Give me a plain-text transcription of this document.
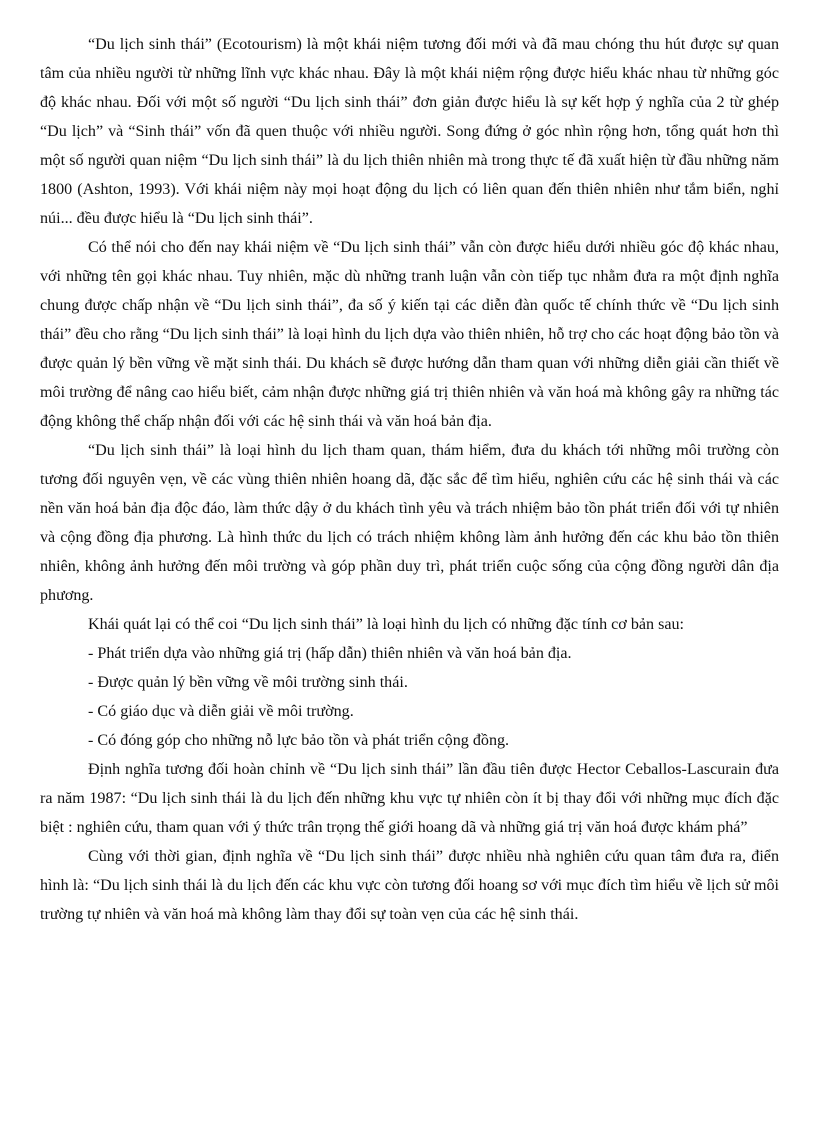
“Du lịch sinh thái” (Ecotourism) là một khái niệm tương đối mới và đã mau chóng thu hút được sự quan tâm của nhiều người từ những lĩnh vực khác nhau. Đây là một khái niệm rộng được hiểu khác nhau từ những góc độ khác nhau. Đối với một số người “Du lịch sinh thái” đơn giản được hiểu là sự kết hợp ý nghĩa của 2 từ ghép “Du lịch” và “Sinh thái” vốn đã quen thuộc với nhiều người. Song đứng ở góc nhìn rộng hơn, tổng quát hơn thì một số người quan niệm “Du lịch sinh thái” là du lịch thiên nhiên mà trong thực tế đã xuất hiện từ đầu những năm 1800 (Ashton, 1993). Với khái niệm này mọi hoạt động du lịch có liên quan đến thiên nhiên như tắm biển, nghỉ núi... đều được hiểu là “Du lịch sinh thái”.

Có thể nói cho đến nay khái niệm về “Du lịch sinh thái” vẫn còn được hiểu dưới nhiều góc độ khác nhau, với những tên gọi khác nhau. Tuy nhiên, mặc dù những tranh luận vẫn còn tiếp tục nhằm đưa ra một định nghĩa chung được chấp nhận về “Du lịch sinh thái”, đa số ý kiến tại các diễn đàn quốc tế chính thức về “Du lịch sinh thái” đều cho rằng “Du lịch sinh thái” là loại hình du lịch dựa vào thiên nhiên, hỗ trợ cho các hoạt động bảo tồn và được quản lý bền vững về mặt sinh thái. Du khách sẽ được hướng dẫn tham quan với những diễn giải cần thiết về môi trường để nâng cao hiểu biết, cảm nhận được những giá trị thiên nhiên và văn hoá mà không gây ra những tác động không thể chấp nhận đối với các hệ sinh thái và văn hoá bản địa.

“Du lịch sinh thái” là loại hình du lịch tham quan, thám hiểm, đưa du khách tới những môi trường còn tương đối nguyên vẹn, về các vùng thiên nhiên hoang dã, đặc sắc để tìm hiểu, nghiên cứu các hệ sinh thái và các nền văn hoá bản địa độc đáo, làm thức dậy ở du khách tình yêu và trách nhiệm bảo tồn phát triển đối với tự nhiên và cộng đồng địa phương. Là hình thức du lịch có trách nhiệm không làm ảnh hưởng đến các khu bảo tồn thiên nhiên, không ảnh hưởng đến môi trường và góp phần duy trì, phát triển cuộc sống của cộng đồng người dân địa phương.

Khái quát lại có thể coi “Du lịch sinh thái” là loại hình du lịch có những đặc tính cơ bản sau:

- Phát triển dựa vào những giá trị (hấp dẫn) thiên nhiên và văn hoá bản địa.

- Được quản lý bền vững về môi trường sinh thái.

- Có giáo dục và diễn giải về môi trường.

- Có đóng góp cho những nỗ lực bảo tồn và phát triển cộng đồng.

Định nghĩa tương đối hoàn chỉnh về “Du lịch sinh thái” lần đầu tiên được Hector Ceballos-Lascurain đưa ra năm 1987: “Du lịch sinh thái là du lịch đến những khu vực tự nhiên còn ít bị thay đổi với những mục đích đặc biệt : nghiên cứu, tham quan với ý thức trân trọng thế giới hoang dã và những giá trị văn hoá được khám phá”

Cùng với thời gian, định nghĩa về “Du lịch sinh thái” được nhiều nhà nghiên cứu quan tâm đưa ra, điển hình là: “Du lịch sinh thái là du lịch đến các khu vực còn tương đối hoang sơ với mục đích tìm hiểu về lịch sử môi trường tự nhiên và văn hoá mà không làm thay đổi sự toàn vẹn của các hệ sinh thái.
